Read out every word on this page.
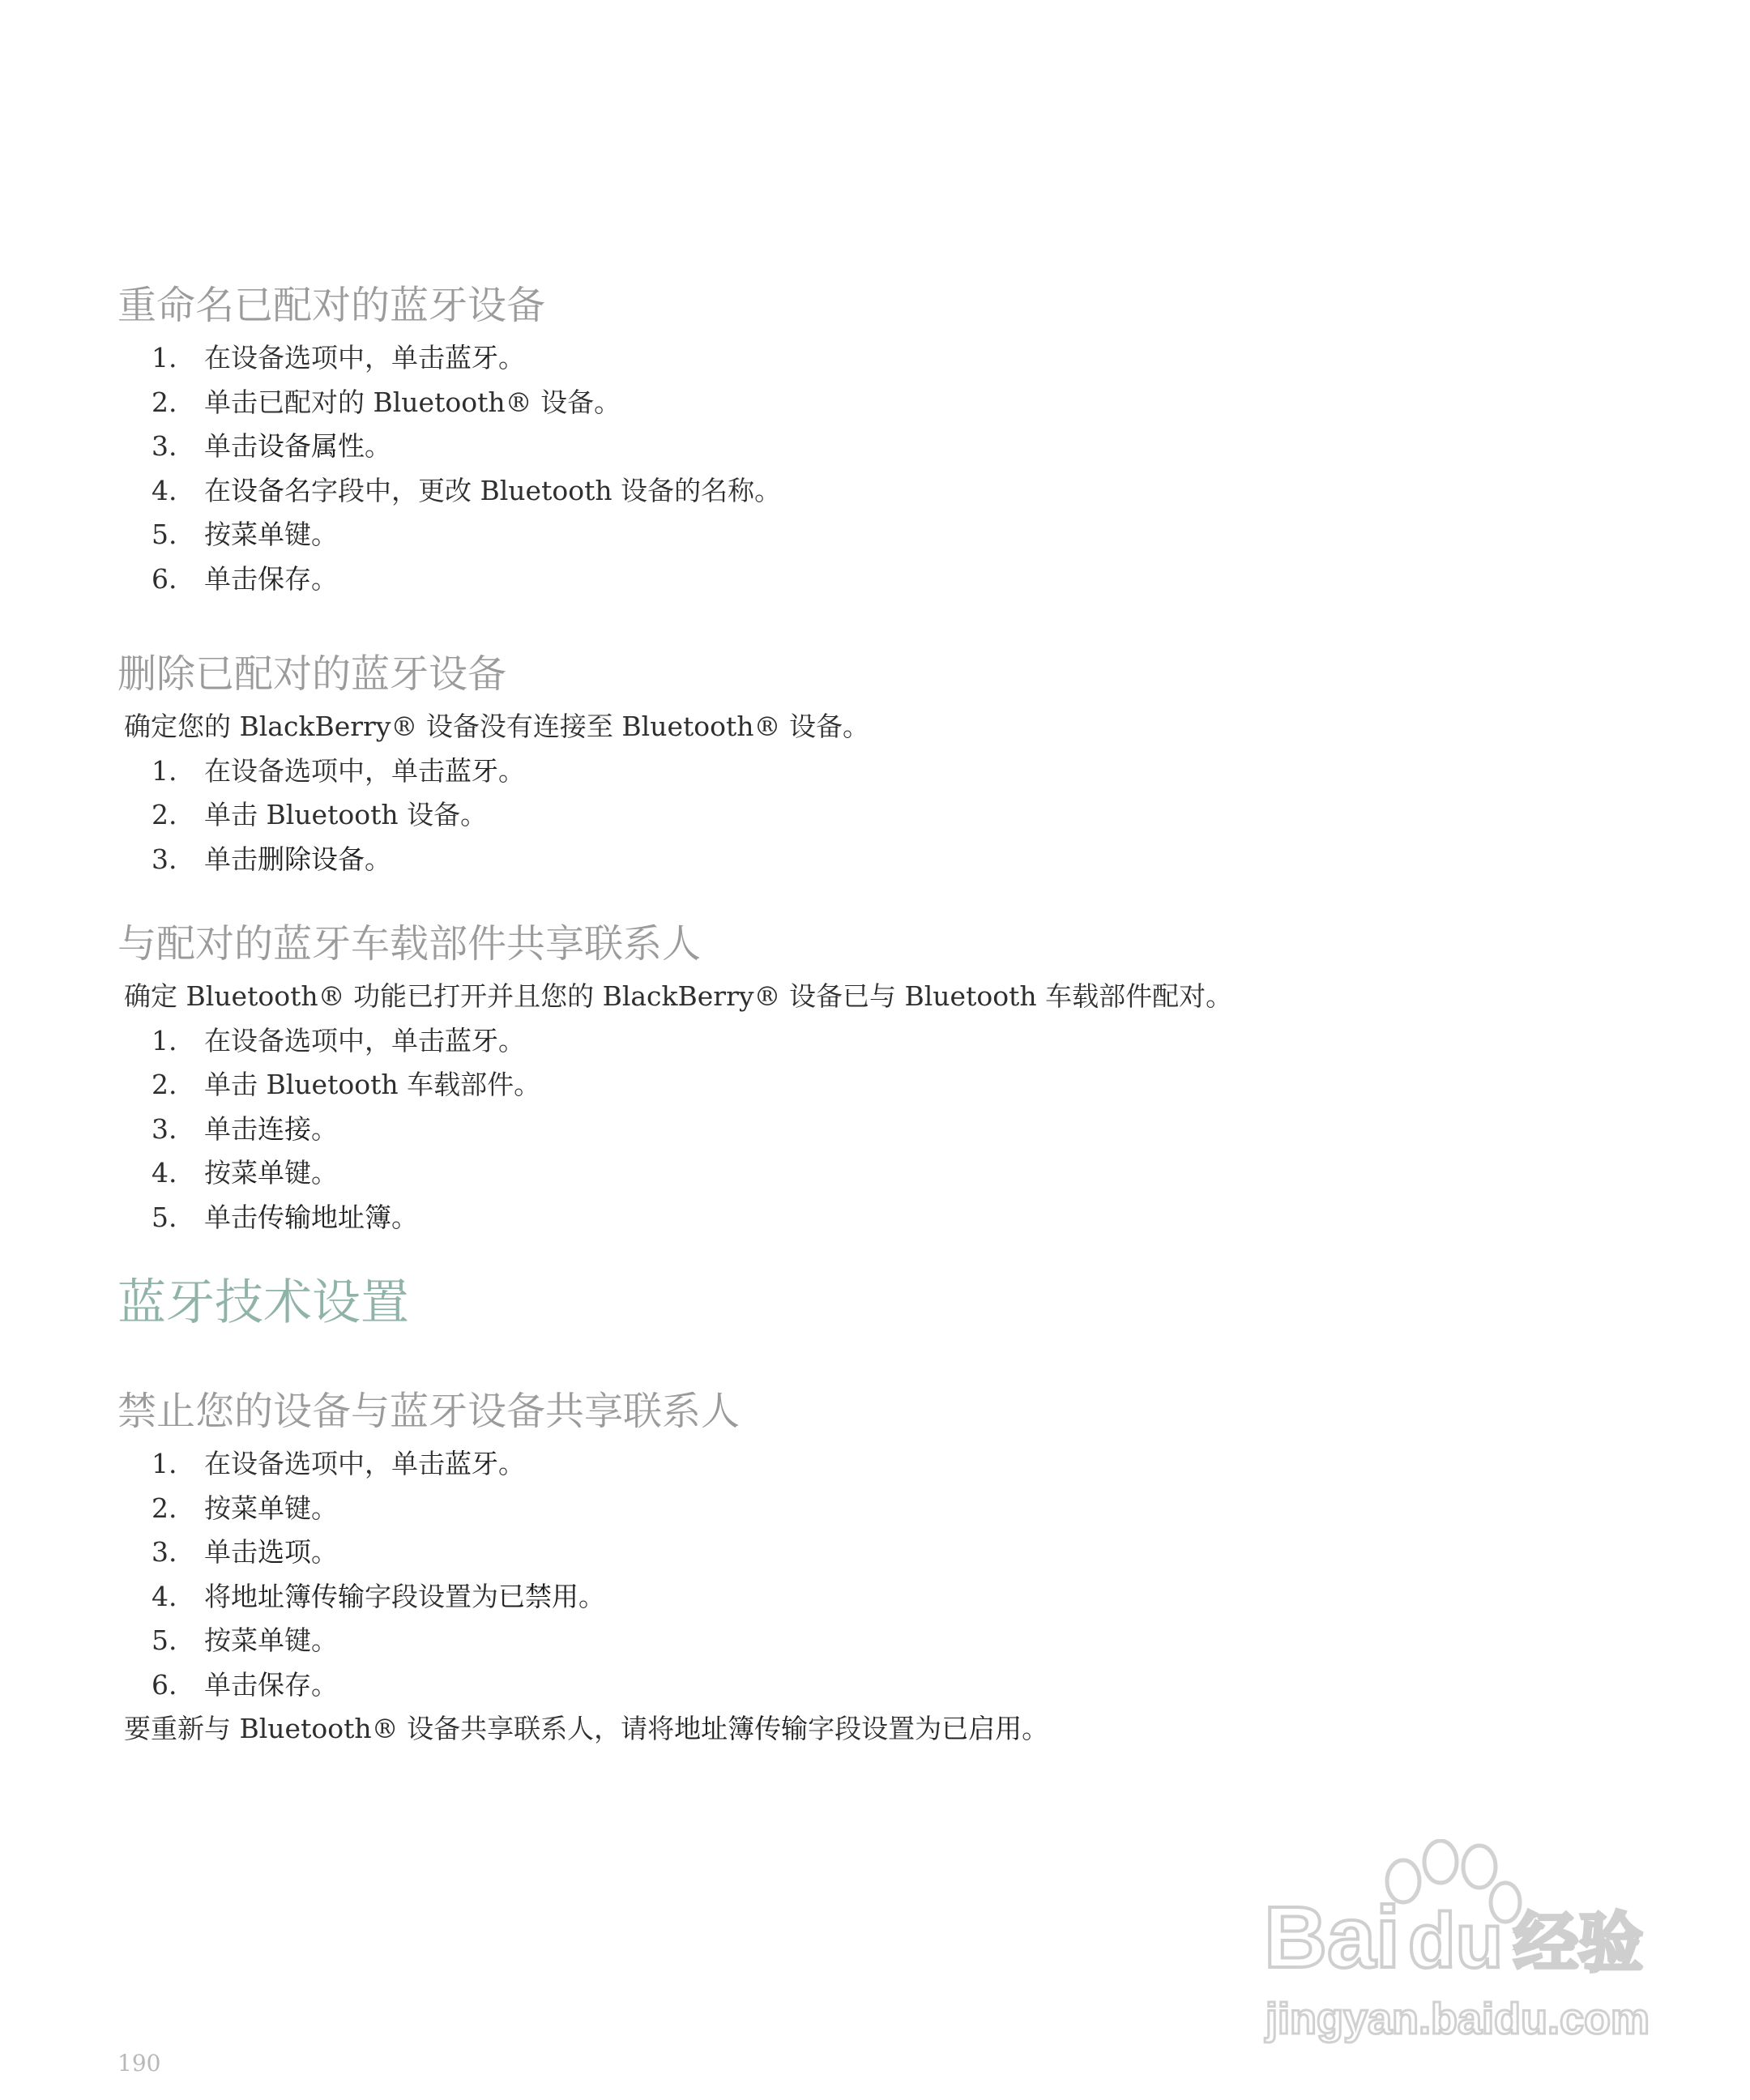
重命名已配对的蓝牙设备
1.	在设备选项中，单击蓝牙。
2.	单击已配对的 Bluetooth® 设备。
3.	单击设备属性。
4.	在设备名字段中，更改 Bluetooth 设备的名称。
5.	按菜单键。
6.	单击保存。
删除已配对的蓝牙设备
确定您的 BlackBerry® 设备没有连接至 Bluetooth® 设备。
1.	在设备选项中，单击蓝牙。
2.	单击 Bluetooth 设备。
3.	单击删除设备。
与配对的蓝牙车载部件共享联系人
确定 Bluetooth® 功能已打开并且您的 BlackBerry® 设备已与 Bluetooth 车载部件配对。
1.	在设备选项中，单击蓝牙。
2.	单击 Bluetooth 车载部件。
3.	单击连接。
4.	按菜单键。
5.	单击传输地址簿。
蓝牙技术设置
禁止您的设备与蓝牙设备共享联系人
1.	在设备选项中，单击蓝牙。
2.	按菜单键。
3.	单击选项。
4.	将地址簿传输字段设置为已禁用。
5.	按菜单键。
6.	单击保存。
要重新与 Bluetooth® 设备共享联系人，请将地址簿传输字段设置为已启用。
190
Bai du 经验
jingyan.baidu.com
